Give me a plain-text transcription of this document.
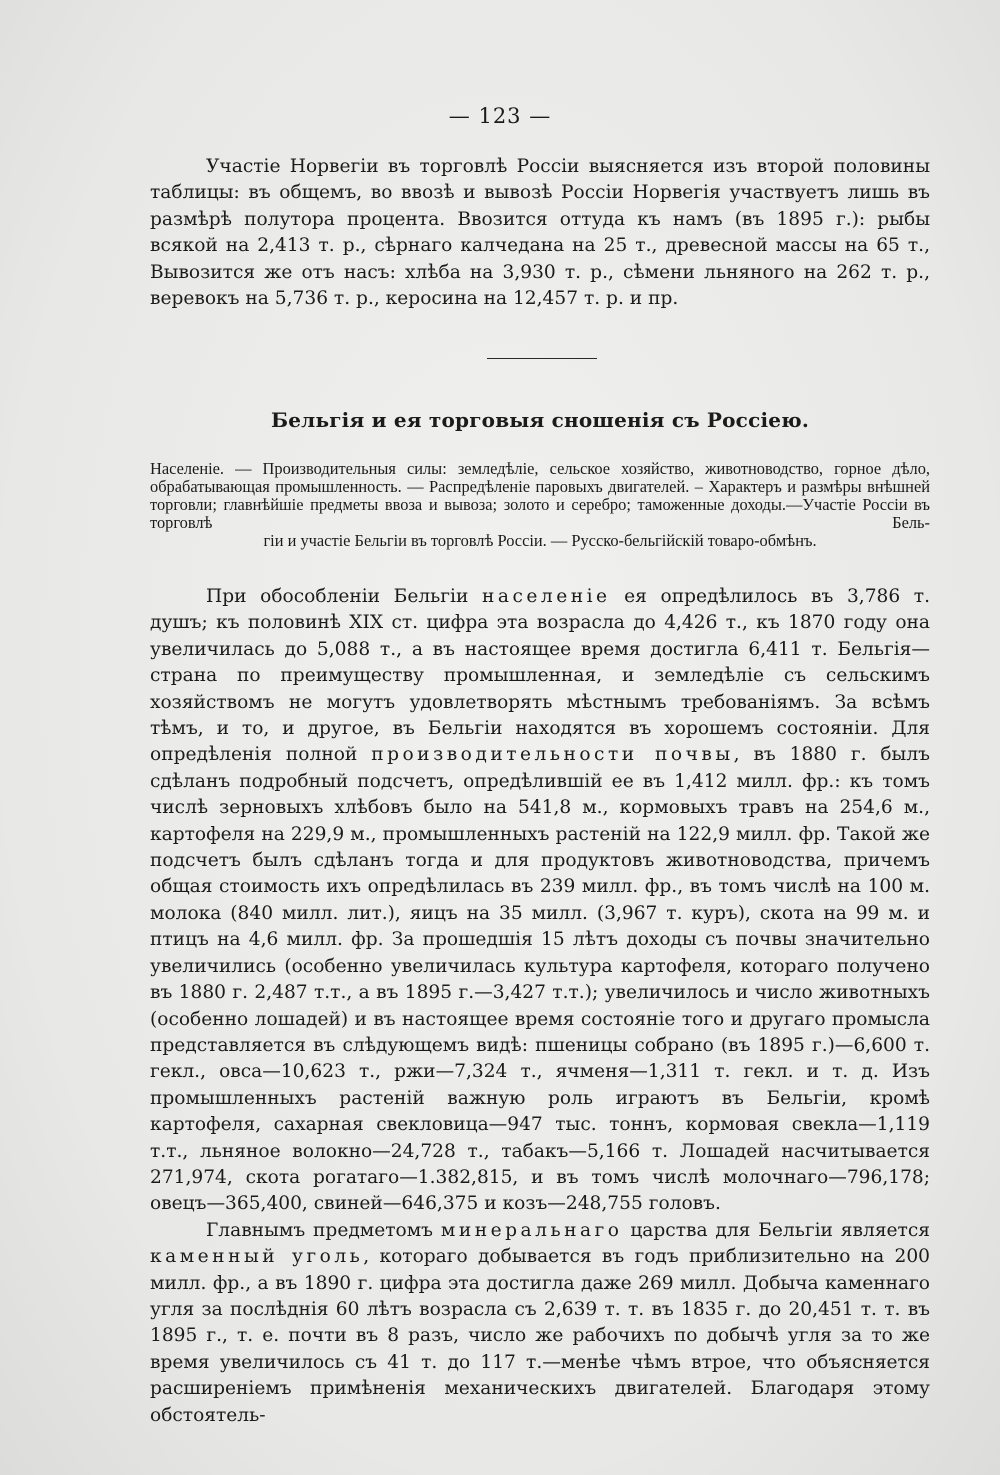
— 123 —

Участіе Норвегіи въ торговлѣ Россіи выясняется изъ второй половины таблицы: въ общемъ, во ввозѣ и вывозѣ Россіи Норвегія участвуетъ лишь въ размѣрѣ полутора процента. Ввозится оттуда къ намъ (въ 1895 г.): рыбы всякой на 2,413 т. р., сѣрнаго калчедана на 25 т., древесной массы на 65 т., Вывозится же отъ насъ: хлѣба на 3,930 т. р., сѣмени льняного на 262 т. р., веревокъ на 5,736 т. р., керосина на 12,457 т. р. и пр.

Бельгія и ея торговыя сношенія съ Россіею.
Населеніе. — Производительныя силы: земледѣліе, сельское хозяйство, животноводство, горное дѣло, обрабатывающая промышленность. — Распредѣленіе паровыхъ двигателей. – Характеръ и размѣры внѣшней торговли; главнѣйшіе предметы ввоза и вывоза; золото и серебро; таможенные доходы.—Участіе Россіи въ торговлѣ Бель-
гіи и участіе Бельгіи въ торговлѣ Россіи. — Русско-бельгійскій товаро-обмѣнъ.

При обособленіи Бельгіи населеніе ея опредѣлилось въ 3,786 т. душъ; къ половинѣ XIX ст. цифра эта возрасла до 4,426 т., къ 1870 году она увеличилась до 5,088 т., а въ настоящее время достигла 6,411 т. Бельгія—страна по преимуществу промышленная, и земледѣліе съ сельскимъ хозяйствомъ не могутъ удовлетворять мѣстнымъ требованіямъ. За всѣмъ тѣмъ, и то, и другое, въ Бельгіи находятся въ хорошемъ состояніи. Для опредѣленія полной производительности почвы, въ 1880 г. былъ сдѣланъ подробный подсчетъ, опредѣлившій ее въ 1,412 милл. фр.: къ томъ числѣ зерновыхъ хлѣбовъ было на 541,8 м., кормовыхъ травъ на 254,6 м., картофеля на 229,9 м., промышленныхъ растеній на 122,9 милл. фр. Такой же подсчетъ былъ сдѣланъ тогда и для продуктовъ животноводства, причемъ общая стоимость ихъ опредѣлилась въ 239 милл. фр., въ томъ числѣ на 100 м. молока (840 милл. лит.), яицъ на 35 милл. (3,967 т. куръ), скота на 99 м. и птицъ на 4,6 милл. фр. За прошедшія 15 лѣтъ доходы съ почвы значительно увеличились (особенно увеличилась культура картофеля, котораго получено въ 1880 г. 2,487 т.т., а въ 1895 г.—3,427 т.т.); увеличилось и число животныхъ (особенно лошадей) и въ настоящее время состояніе того и другаго промысла представляется въ слѣдующемъ видѣ: пшеницы собрано (въ 1895 г.)—6,600 т. гекл., овса—10,623 т., ржи—7,324 т., ячменя—1,311 т. гекл. и т. д. Изъ промышленныхъ растеній важную роль играютъ въ Бельгіи, кромѣ картофеля, сахарная свекловица—947 тыс. тоннъ, кормовая свекла—1,119 т.т., льняное волокно—24,728 т., табакъ—5,166 т. Лошадей насчитывается 271,974, скота рогатаго—1.382,815, и въ томъ числѣ молочнаго—796,178; овецъ—365,400, свиней—646,375 и козъ—248,755 головъ.

Главнымъ предметомъ минеральнаго царства для Бельгіи является каменный уголь, котораго добывается въ годъ приблизительно на 200 милл. фр., а въ 1890 г. цифра эта достигла даже 269 милл. Добыча каменнаго угля за послѣднія 60 лѣтъ возрасла съ 2,639 т. т. въ 1835 г. до 20,451 т. т. въ 1895 г., т. е. почти въ 8 разъ, число же рабочихъ по добычѣ угля за то же время увеличилось съ 41 т. до 117 т.—менѣе чѣмъ втрое, что объясняется расширеніемъ примѣненія механическихъ двигателей. Благодаря этому обстоятель-
